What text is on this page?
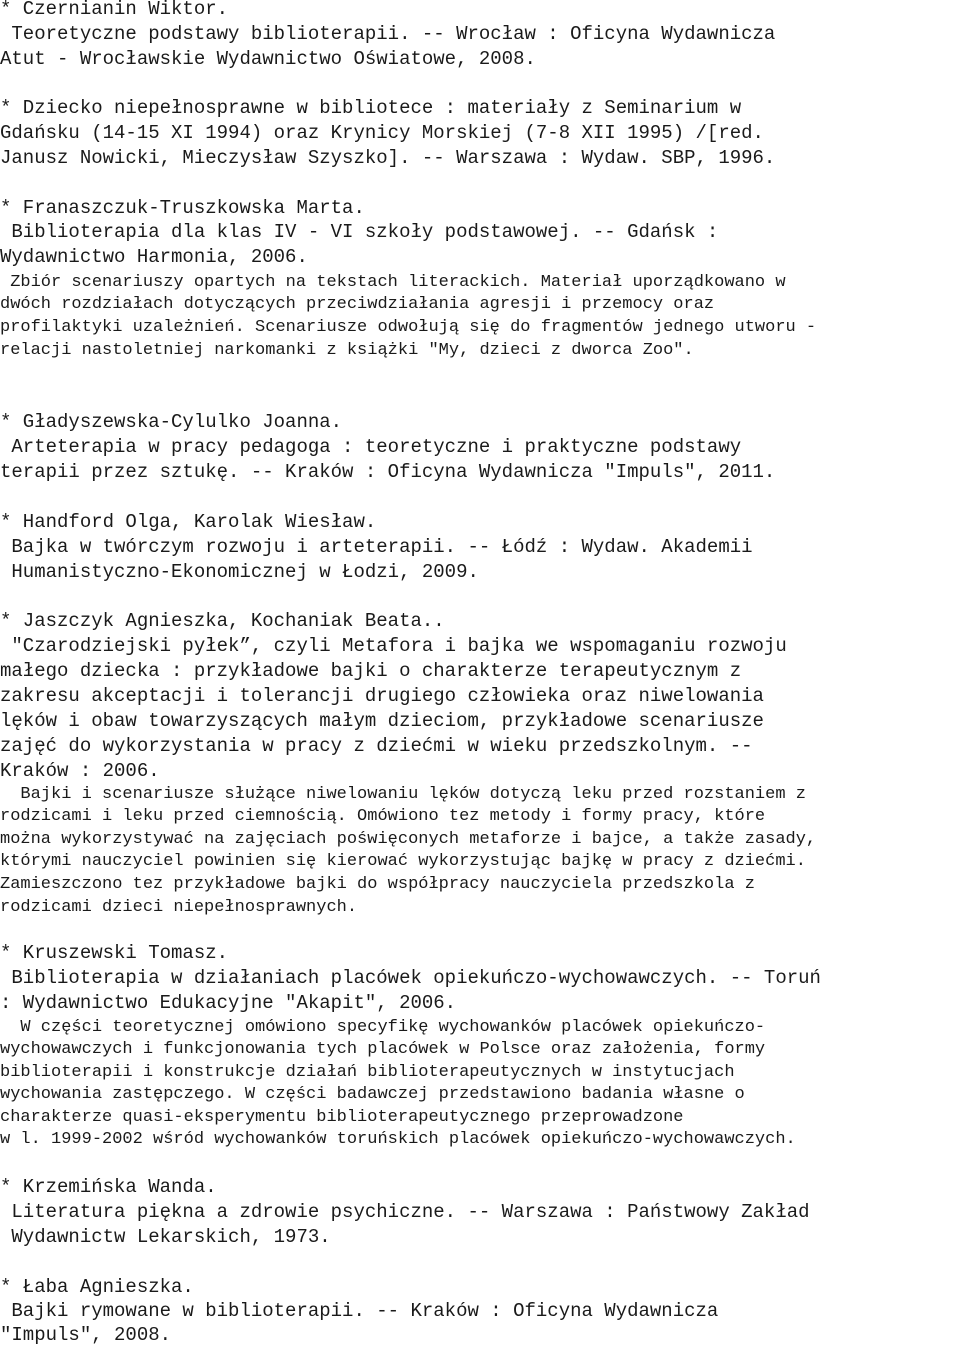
* Czernianin Wiktor.
Teoretyczne podstawy biblioterapii. -- Wrocław : Oficyna Wydawnicza
Atut - Wrocławskie Wydawnictwo Oświatowe, 2008.
* Dziecko niepełnosprawne w bibliotece : materiały z Seminarium w
Gdańsku (14-15 XI 1994) oraz Krynicy Morskiej (7-8 XII 1995) /[red.
Janusz Nowicki, Mieczysław Szyszko]. -- Warszawa : Wydaw. SBP, 1996.
* Franaszczuk-Truszkowska Marta.
Biblioterapia dla klas IV - VI szkoły podstawowej. -- Gdańsk :
Wydawnictwo Harmonia, 2006.
Zbiór scenariuszy opartych na tekstach literackich. Materiał uporządkowano w
dwóch rozdziałach dotyczących przeciwdziałania agresji i przemocy oraz
profilaktyki uzależnień. Scenariusze odwołują się do fragmentów jednego utworu -
relacji nastoletniej narkomanki z książki "My, dzieci z dworca Zoo".
* Gładyszewska-Cylulko Joanna.
Arteterapia w pracy pedagoga : teoretyczne i praktyczne podstawy
terapii przez sztukę. -- Kraków : Oficyna Wydawnicza "Impuls", 2011.
* Handford Olga, Karolak Wiesław.
Bajka w twórczym rozwoju i arteterapii. -- Łódź : Wydaw. Akademii
Humanistyczno-Ekonomicznej w Łodzi, 2009.
* Jaszczyk Agnieszka, Kochaniak Beata..
"Czarodziejski pyłek”, czyli Metafora i bajka we wspomaganiu rozwoju
małego dziecka : przykładowe bajki o charakterze terapeutycznym z
zakresu akceptacji i tolerancji drugiego człowieka oraz niwelowania
lęków i obaw towarzyszących małym dzieciom, przykładowe scenariusze
zajęć do wykorzystania w pracy z dziećmi w wieku przedszkolnym. --
Kraków : 2006.
Bajki i scenariusze służące niwelowaniu lęków dotyczą leku przed rozstaniem z
rodzicami i leku przed ciemnością. Omówiono tez metody i formy pracy, które
można wykorzystywać na zajęciach poświęconych metaforze i bajce, a także zasady,
którymi nauczyciel powinien się kierować wykorzystując bajkę w pracy z dziećmi.
Zamieszczono tez przykładowe bajki do współpracy nauczyciela przedszkola z
rodzicami dzieci niepełnosprawnych.
* Kruszewski Tomasz.
Biblioterapia w działaniach placówek opiekuńczo-wychowawczych. -- Toruń
: Wydawnictwo Edukacyjne "Akapit", 2006.
W części teoretycznej omówiono specyfikę wychowanków placówek opiekuńczo-
wychowawczych i funkcjonowania tych placówek w Polsce oraz założenia, formy
biblioterapii i konstrukcje działań biblioterapeutycznych w instytucjach
wychowania zastępczego. W części badawczej przedstawiono badania własne o
charakterze quasi-eksperymentu biblioterapeutycznego przeprowadzone
w l. 1999-2002 wśród wychowanków toruńskich placówek opiekuńczo-wychowawczych.
* Krzemińska Wanda.
Literatura piękna a zdrowie psychiczne. -- Warszawa : Państwowy Zakład
Wydawnictw Lekarskich, 1973.
* Łaba Agnieszka.
Bajki rymowane w biblioterapii. -- Kraków : Oficyna Wydawnicza
"Impuls", 2008.
